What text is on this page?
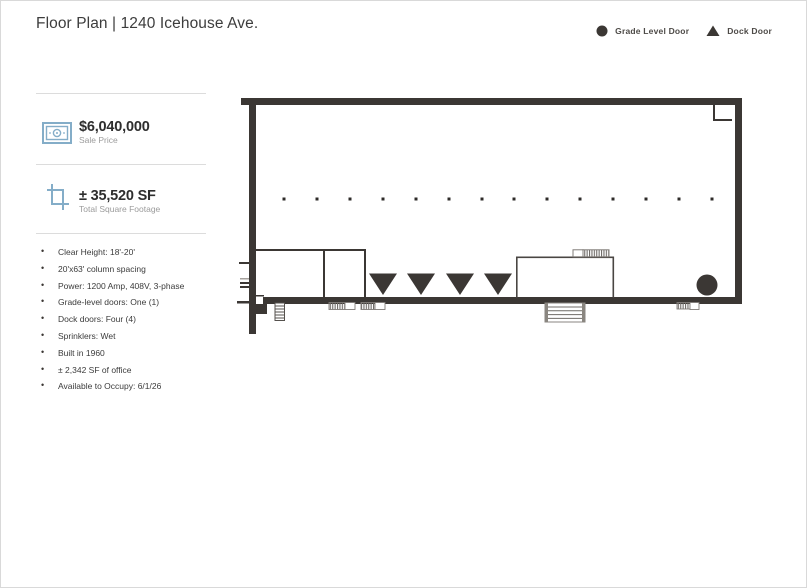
Floor Plan | 1240 Icehouse Ave.	Grade Level Door	Dock Door
$6,040,000
Sale Price
± 35,520 SF
Total Square Footage
• Clear Height: 18'-20'
• 20'x63' column spacing
• Power: 1200 Amp, 408V, 3-phase
• Grade-level doors: One (1)
• Dock doors: Four (4)
• Sprinklers: Wet
• Built in 1960
• ± 2,342 SF of office
• Available to Occupy: 6/1/26
